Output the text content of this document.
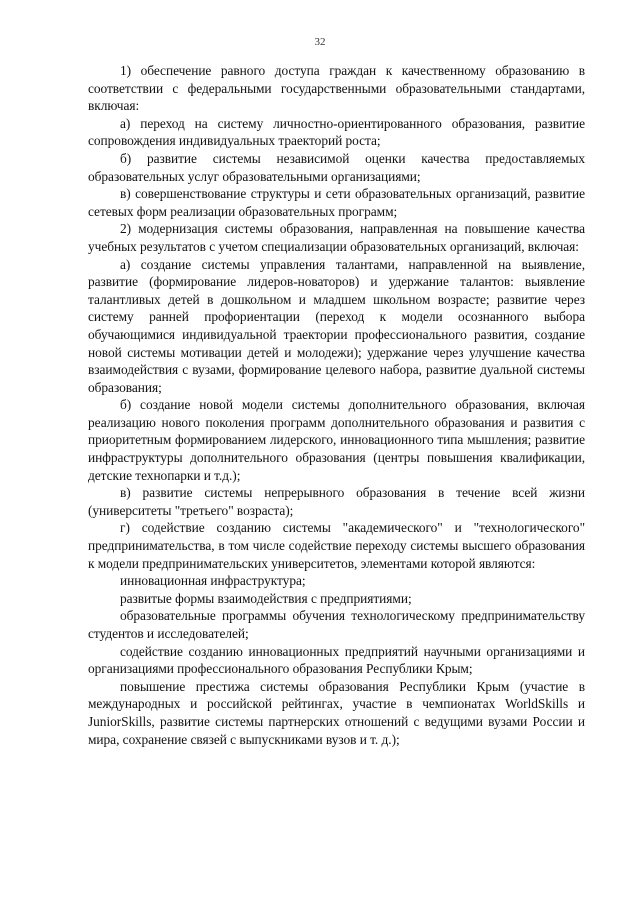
32

1) обеспечение равного доступа граждан к качественному образованию в соответствии с федеральными государственными образовательными стандартами, включая:

а) переход на систему личностно-ориентированного образования, развитие сопровождения индивидуальных траекторий роста;

б) развитие системы независимой оценки качества предоставляемых образовательных услуг образовательными организациями;

в) совершенствование структуры и сети образовательных организаций, развитие сетевых форм реализации образовательных программ;

2) модернизация системы образования, направленная на повышение качества учебных результатов с учетом специализации образовательных организаций, включая:

а) создание системы управления талантами, направленной на выявление, развитие (формирование лидеров-новаторов) и удержание талантов: выявление талантливых детей в дошкольном и младшем школьном возрасте; развитие через систему ранней профориентации (переход к модели осознанного выбора обучающимися индивидуальной траектории профессионального развития, создание новой системы мотивации детей и молодежи); удержание через улучшение качества взаимодействия с вузами, формирование целевого набора, развитие дуальной системы образования;

б) создание новой модели системы дополнительного образования, включая реализацию нового поколения программ дополнительного образования и развития с приоритетным формированием лидерского, инновационного типа мышления; развитие инфраструктуры дополнительного образования (центры повышения квалификации, детские технопарки и т.д.);

в) развитие системы непрерывного образования в течение всей жизни (университеты "третьего" возраста);

г) содействие созданию системы "академического" и "технологического" предпринимательства, в том числе содействие переходу системы высшего образования к модели предпринимательских университетов, элементами которой являются:

инновационная инфраструктура;

развитые формы взаимодействия с предприятиями;

образовательные программы обучения технологическому предпринимательству студентов и исследователей;

содействие созданию инновационных предприятий научными организациями и организациями профессионального образования Республики Крым;

повышение престижа системы образования Республики Крым (участие в международных и российской рейтингах, участие в чемпионатах WorldSkills и JuniorSkills, развитие системы партнерских отношений с ведущими вузами России и мира, сохранение связей с выпускниками вузов и т. д.);
